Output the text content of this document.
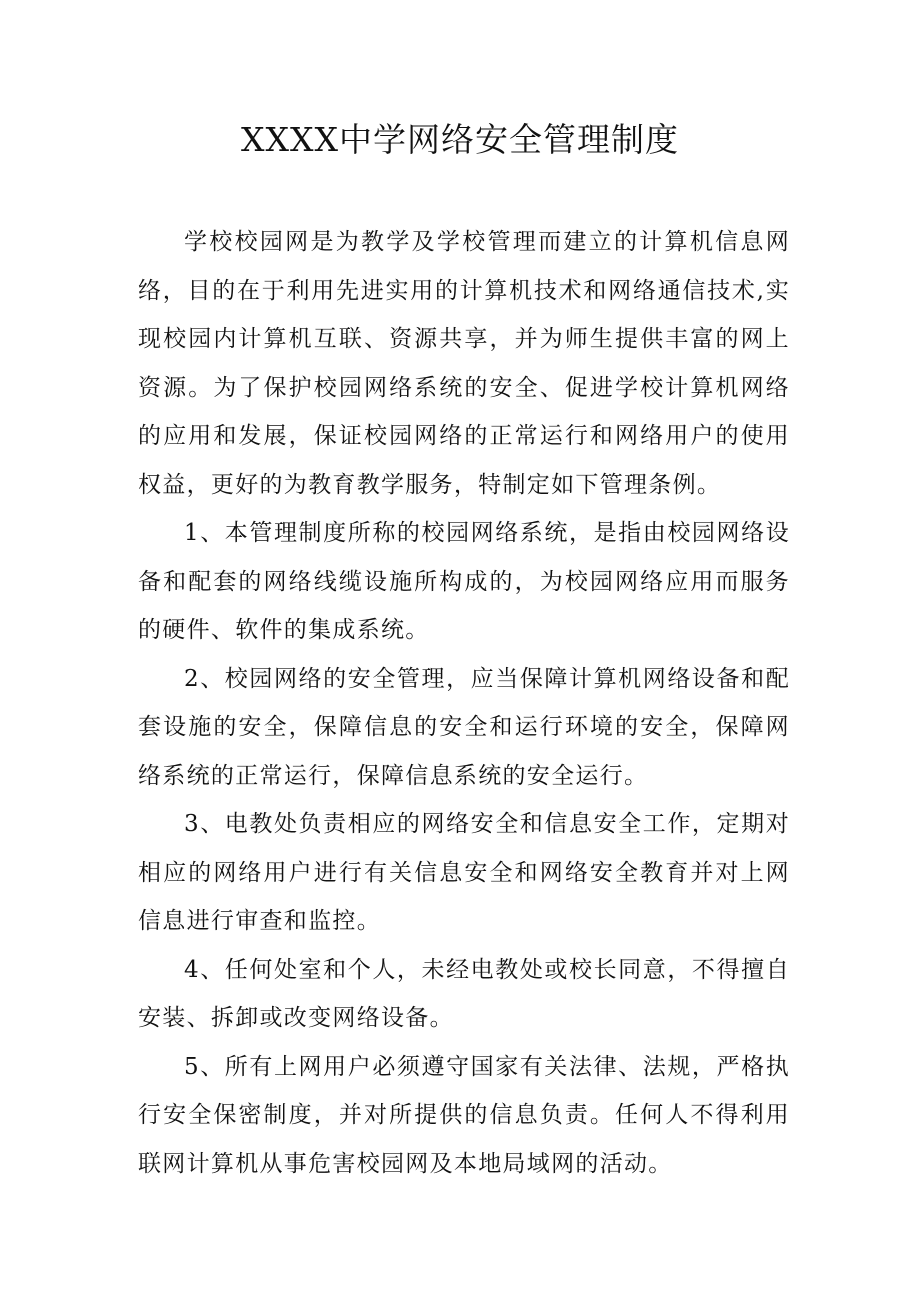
XXXX中学网络安全管理制度

学校校园网是为教学及学校管理而建立的计算机信息网络，目的在于利用先进实用的计算机技术和网络通信技术,实现校园内计算机互联、资源共享，并为师生提供丰富的网上资源。为了保护校园网络系统的安全、促进学校计算机网络的应用和发展，保证校园网络的正常运行和网络用户的使用权益，更好的为教育教学服务，特制定如下管理条例。

1、本管理制度所称的校园网络系统，是指由校园网络设备和配套的网络线缆设施所构成的，为校园网络应用而服务的硬件、软件的集成系统。

2、校园网络的安全管理，应当保障计算机网络设备和配套设施的安全，保障信息的安全和运行环境的安全，保障网络系统的正常运行，保障信息系统的安全运行。

3、电教处负责相应的网络安全和信息安全工作，定期对相应的网络用户进行有关信息安全和网络安全教育并对上网信息进行审查和监控。

4、任何处室和个人，未经电教处或校长同意，不得擅自安装、拆卸或改变网络设备。

5、所有上网用户必须遵守国家有关法律、法规，严格执行安全保密制度，并对所提供的信息负责。任何人不得利用联网计算机从事危害校园网及本地局域网的活动。
